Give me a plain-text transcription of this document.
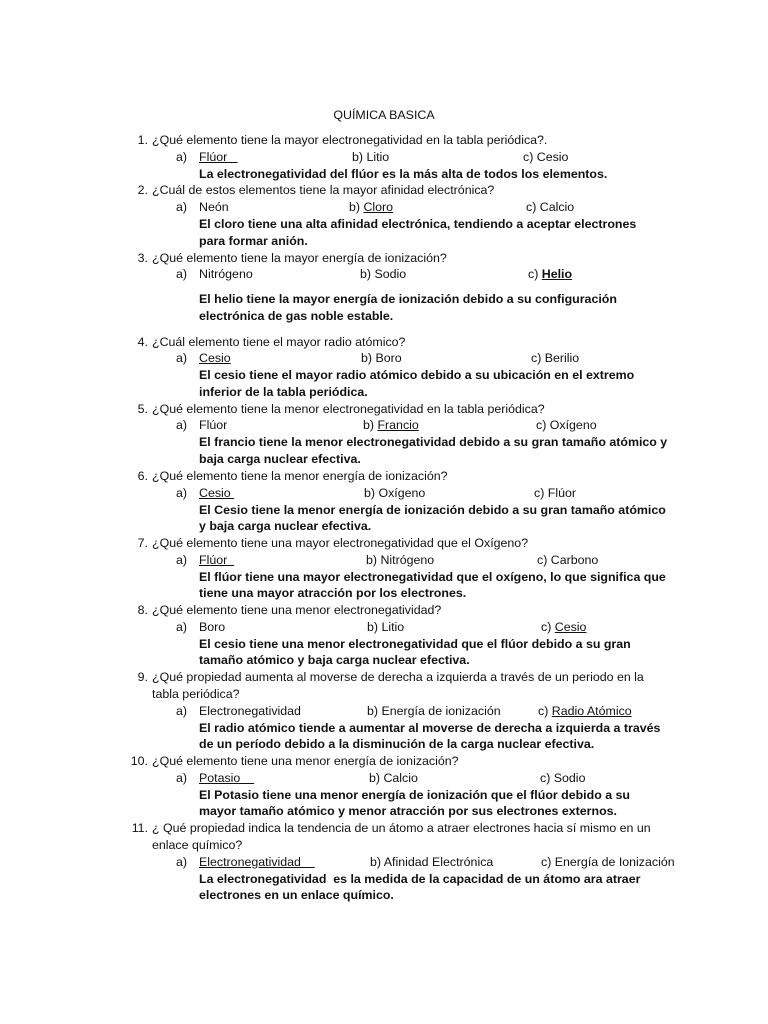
QUÍMICA BASICA
1. ¿Qué elemento tiene la mayor electronegatividad en la tabla periódica?.
a) Flúor	b) Litio	c) Cesio
La electronegatividad del flúor es la más alta de todos los elementos.
2. ¿Cuál de estos elementos tiene la mayor afinidad electrónica?
a) Neón	b) Cloro	c) Calcio
El cloro tiene una alta afinidad electrónica, tendiendo a aceptar electrones para formar anión.
3. ¿Qué elemento tiene la mayor energía de ionización?
a) Nitrógeno	b) Sodio	c) Helio
El helio tiene la mayor energía de ionización debido a su configuración electrónica de gas noble estable.
4. ¿Cuál elemento tiene el mayor radio atómico?
a) Cesio	b) Boro	c) Berilio
El cesio tiene el mayor radio atómico debido a su ubicación en el extremo inferior de la tabla periódica.
5. ¿Qué elemento tiene la menor electronegatividad en la tabla periódica?
a) Flúor	b) Francio	c) Oxígeno
El francio tiene la menor electronegatividad debido a su gran tamaño atómico y baja carga nuclear efectiva.
6. ¿Qué elemento tiene la menor energía de ionización?
a) Cesio	b) Oxígeno	c) Flúor
El Cesio tiene la menor energía de ionización debido a su gran tamaño atómico y baja carga nuclear efectiva.
7. ¿Qué elemento tiene una mayor electronegatividad que el Oxígeno?
a) Flúor	b) Nitrógeno	c) Carbono
El flúor tiene una mayor electronegatividad que el oxígeno, lo que significa que tiene una mayor atracción por los electrones.
8. ¿Qué elemento tiene una menor electronegatividad?
a) Boro	b) Litio	c) Cesio
El cesio tiene una menor electronegatividad que el flúor debido a su gran tamaño atómico y baja carga nuclear efectiva.
9. ¿Qué propiedad aumenta al moverse de derecha a izquierda a través de un periodo en la tabla periódica?
a) Electronegatividad	b) Energía de ionización	c) Radio Atómico
El radio atómico tiende a aumentar al moverse de derecha a izquierda a través de un período debido a la disminución de la carga nuclear efectiva.
10. ¿Qué elemento tiene una menor energía de ionización?
a) Potasio	b) Calcio	c) Sodio
El Potasio tiene una menor energía de ionización que el flúor debido a su mayor tamaño atómico y menor atracción por sus electrones externos.
11. ¿ Qué propiedad indica la tendencia de un átomo a atraer electrones hacia sí mismo en un enlace químico?
a) Electronegatividad	b) Afinidad Electrónica	c) Energía de Ionización
La electronegatividad  es la medida de la capacidad de un átomo ara atraer electrones en un enlace químico.
